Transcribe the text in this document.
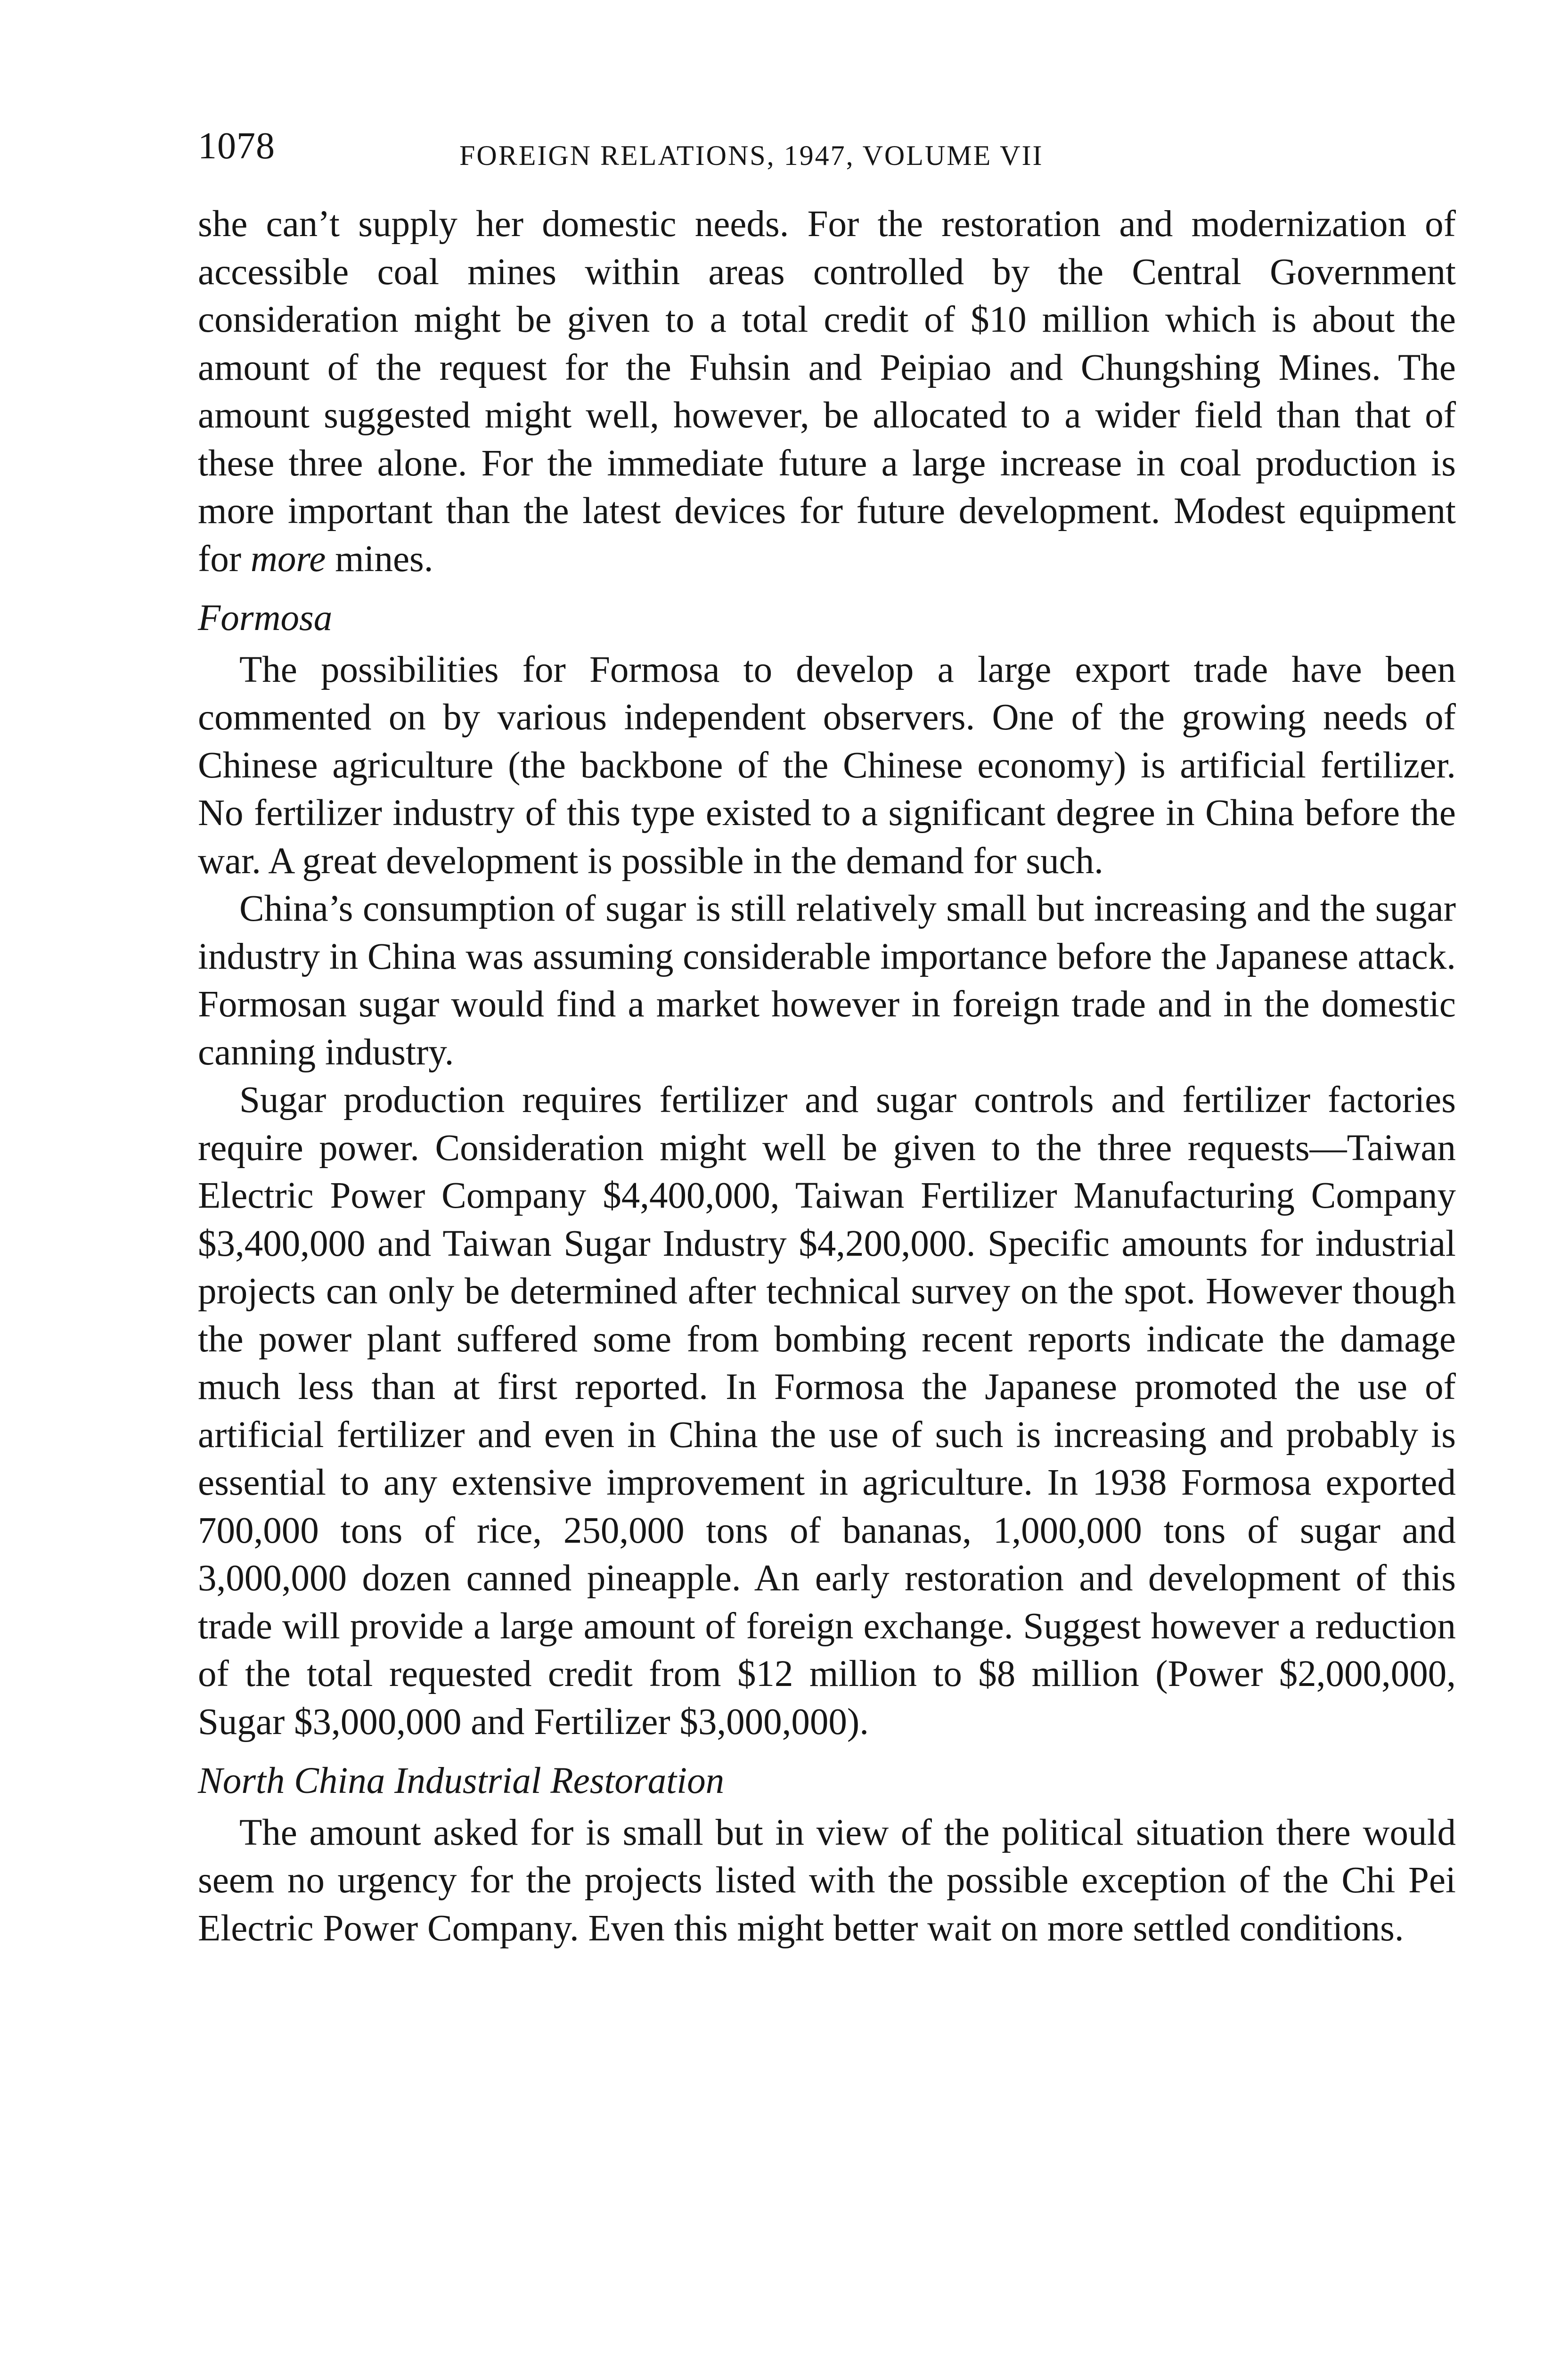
1078	FOREIGN RELATIONS, 1947, VOLUME VII

she can’t supply her domestic needs. For the restoration and modernization of accessible coal mines within areas controlled by the Central Government consideration might be given to a total credit of $10 million which is about the amount of the request for the Fuhsin and Peipiao and Chungshing Mines. The amount suggested might well, however, be allocated to a wider field than that of these three alone. For the immediate future a large increase in coal production is more important than the latest devices for future development. Modest equipment for more mines.

Formosa

The possibilities for Formosa to develop a large export trade have been commented on by various independent observers. One of the growing needs of Chinese agriculture (the backbone of the Chinese economy) is artificial fertilizer. No fertilizer industry of this type existed to a significant degree in China before the war. A great development is possible in the demand for such.

China’s consumption of sugar is still relatively small but increasing and the sugar industry in China was assuming considerable importance before the Japanese attack. Formosan sugar would find a market however in foreign trade and in the domestic canning industry.

Sugar production requires fertilizer and sugar controls and fertilizer factories require power. Consideration might well be given to the three requests—Taiwan Electric Power Company $4,400,000, Taiwan Fertilizer Manufacturing Company $3,400,000 and Taiwan Sugar Industry $4,200,000. Specific amounts for industrial projects can only be determined after technical survey on the spot. However though the power plant suffered some from bombing recent reports indicate the damage much less than at first reported. In Formosa the Japanese promoted the use of artificial fertilizer and even in China the use of such is increasing and probably is essential to any extensive improvement in agriculture. In 1938 Formosa exported 700,000 tons of rice, 250,000 tons of bananas, 1,000,000 tons of sugar and 3,000,000 dozen canned pineapple. An early restoration and development of this trade will provide a large amount of foreign exchange. Suggest however a reduction of the total requested credit from $12 million to $8 million (Power $2,000,000, Sugar $3,000,000 and Fertilizer $3,000,000).

North China Industrial Restoration

The amount asked for is small but in view of the political situation there would seem no urgency for the projects listed with the possible exception of the Chi Pei Electric Power Company. Even this might better wait on more settled conditions.
